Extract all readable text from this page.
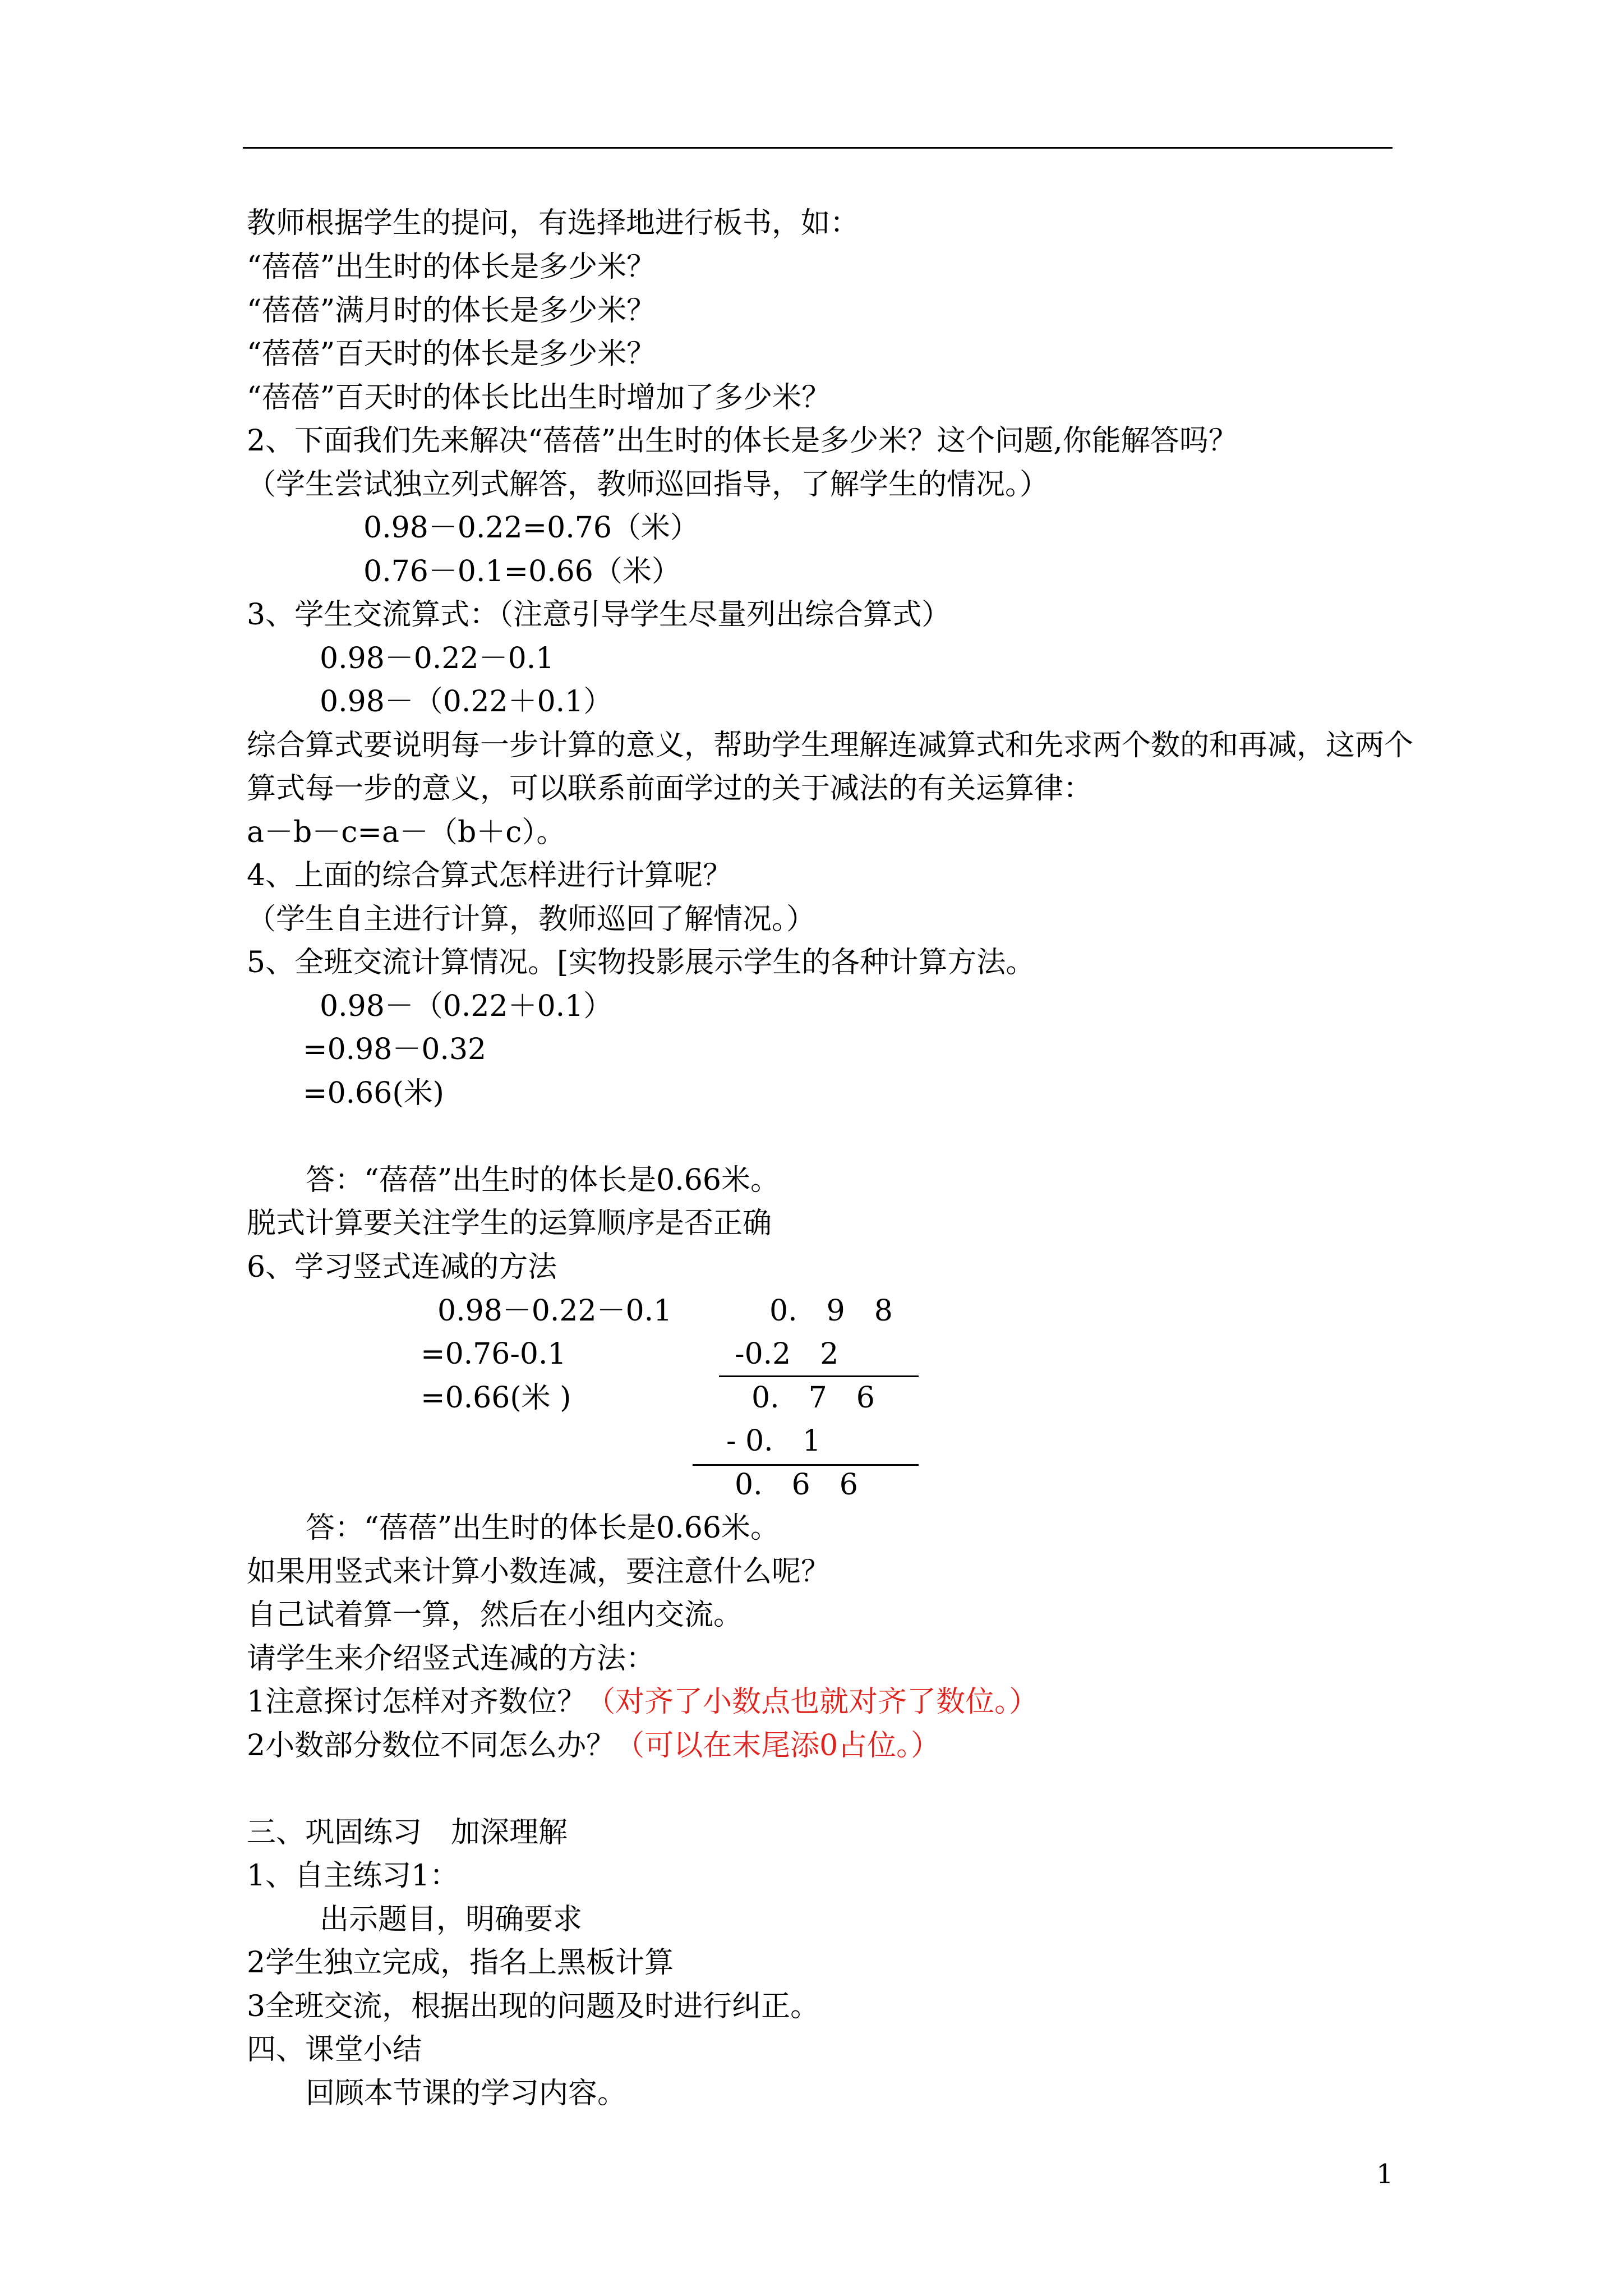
教师根据学生的提问，有选择地进行板书，如：
“蓓蓓”出生时的体长是多少米？
“蓓蓓”满月时的体长是多少米？
“蓓蓓”百天时的体长是多少米？
“蓓蓓”百天时的体长比出生时增加了多少米？
2、下面我们先来解决“蓓蓓”出生时的体长是多少米？这个问题,你能解答吗？
（学生尝试独立列式解答，教师巡回指导，了解学生的情况。）
0.98－0.22=0.76（米）
0.76－0.1=0.66（米）
3、学生交流算式：（注意引导学生尽量列出综合算式）
0.98－0.22－0.1
0.98－（0.22＋0.1）
综合算式要说明每一步计算的意义，帮助学生理解连减算式和先求两个数的和再减，这两个
算式每一步的意义，可以联系前面学过的关于减法的有关运算律：
a－b－c=a－（b＋c）。
4、上面的综合算式怎样进行计算呢？
（学生自主进行计算，教师巡回了解情况。）
5、全班交流计算情况。[实物投影展示学生的各种计算方法。
0.98－（0.22＋0.1）
=0.98－0.32
=0.66(米)
答：“蓓蓓”出生时的体长是0.66米。
脱式计算要关注学生的运算顺序是否正确
6、学习竖式连减的方法
0.98－0.22－0.1
=0.76-0.1
=0.66(米 )
0.　9　8
-0.2　2
0.　7　6
- 0.　1
0.　6　6
答：“蓓蓓”出生时的体长是0.66米。
如果用竖式来计算小数连减，要注意什么呢？
自己试着算一算，然后在小组内交流。
请学生来介绍竖式连减的方法：
1注意探讨怎样对齐数位？（对齐了小数点也就对齐了数位。）
2小数部分数位不同怎么办？（可以在末尾添0占位。）
三、巩固练习　加深理解
1、自主练习1：
出示题目，明确要求
2学生独立完成，指名上黑板计算
3全班交流，根据出现的问题及时进行纠正。
四、课堂小结
回顾本节课的学习内容。
1
